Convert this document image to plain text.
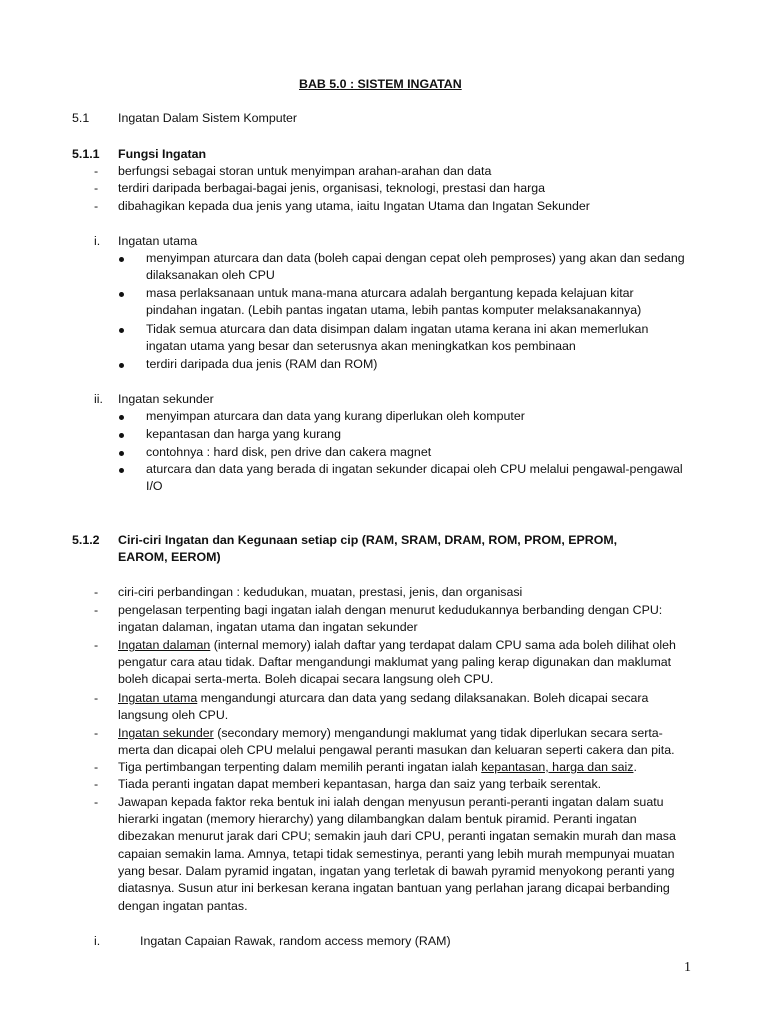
BAB 5.0 : SISTEM INGATAN
5.1 Ingatan Dalam Sistem Komputer
5.1.1 Fungsi Ingatan
- berfungsi sebagai storan untuk menyimpan arahan-arahan dan data
- terdiri daripada berbagai-bagai jenis, organisasi, teknologi, prestasi dan harga
- dibahagikan kepada dua jenis yang utama, iaitu Ingatan Utama dan Ingatan Sekunder
i. Ingatan utama
menyimpan aturcara dan data (boleh capai dengan cepat oleh pemproses) yang akan dan sedang
dilaksanakan oleh CPU
masa perlaksanaan untuk mana-mana aturcara adalah bergantung kepada kelajuan kitar
pindahan ingatan. (Lebih pantas ingatan utama, lebih pantas komputer melaksanakannya)
Tidak semua aturcara dan data disimpan dalam ingatan utama kerana ini akan memerlukan
ingatan utama yang besar dan seterusnya akan meningkatkan kos pembinaan
terdiri daripada dua jenis (RAM dan ROM)
ii. Ingatan sekunder
menyimpan aturcara dan data yang kurang diperlukan oleh komputer
kepantasan dan harga yang kurang
contohnya : hard disk, pen drive dan cakera magnet
aturcara dan data yang berada di ingatan sekunder dicapai oleh CPU melalui pengawal-pengawal
I/O
5.1.2 Ciri-ciri Ingatan dan Kegunaan setiap cip (RAM, SRAM, DRAM, ROM, PROM, EPROM,
EAROM, EEROM)
- ciri-ciri perbandingan : kedudukan, muatan, prestasi, jenis, dan organisasi
- pengelasan terpenting bagi ingatan ialah dengan menurut kedudukannya berbanding dengan CPU:
ingatan dalaman, ingatan utama dan ingatan sekunder
- Ingatan dalaman (internal memory) ialah daftar yang terdapat dalam CPU sama ada boleh dilihat oleh
pengatur cara atau tidak. Daftar mengandungi maklumat yang paling kerap digunakan dan maklumat
boleh dicapai serta-merta. Boleh dicapai secara langsung oleh CPU.
- Ingatan utama mengandungi aturcara dan data yang sedang dilaksanakan. Boleh dicapai secara
langsung oleh CPU.
- Ingatan sekunder (secondary memory) mengandungi maklumat yang tidak diperlukan secara serta-
merta dan dicapai oleh CPU melalui pengawal peranti masukan dan keluaran seperti cakera dan pita.
- Tiga pertimbangan terpenting dalam memilih peranti ingatan ialah kepantasan, harga dan saiz.
- Tiada peranti ingatan dapat memberi kepantasan, harga dan saiz yang terbaik serentak.
- Jawapan kepada faktor reka bentuk ini ialah dengan menyusun peranti-peranti ingatan dalam suatu
hierarki ingatan (memory hierarchy) yang dilambangkan dalam bentuk piramid. Peranti ingatan
dibezakan menurut jarak dari CPU; semakin jauh dari CPU, peranti ingatan semakin murah dan masa
capaian semakin lama. Amnya, tetapi tidak semestinya, peranti yang lebih murah mempunyai muatan
yang besar. Dalam pyramid ingatan, ingatan yang terletak di bawah pyramid menyokong peranti yang
diatasnya. Susun atur ini berkesan kerana ingatan bantuan yang perlahan jarang dicapai berbanding
dengan ingatan pantas.
i.	Ingatan Capaian Rawak, random access memory (RAM)
1
